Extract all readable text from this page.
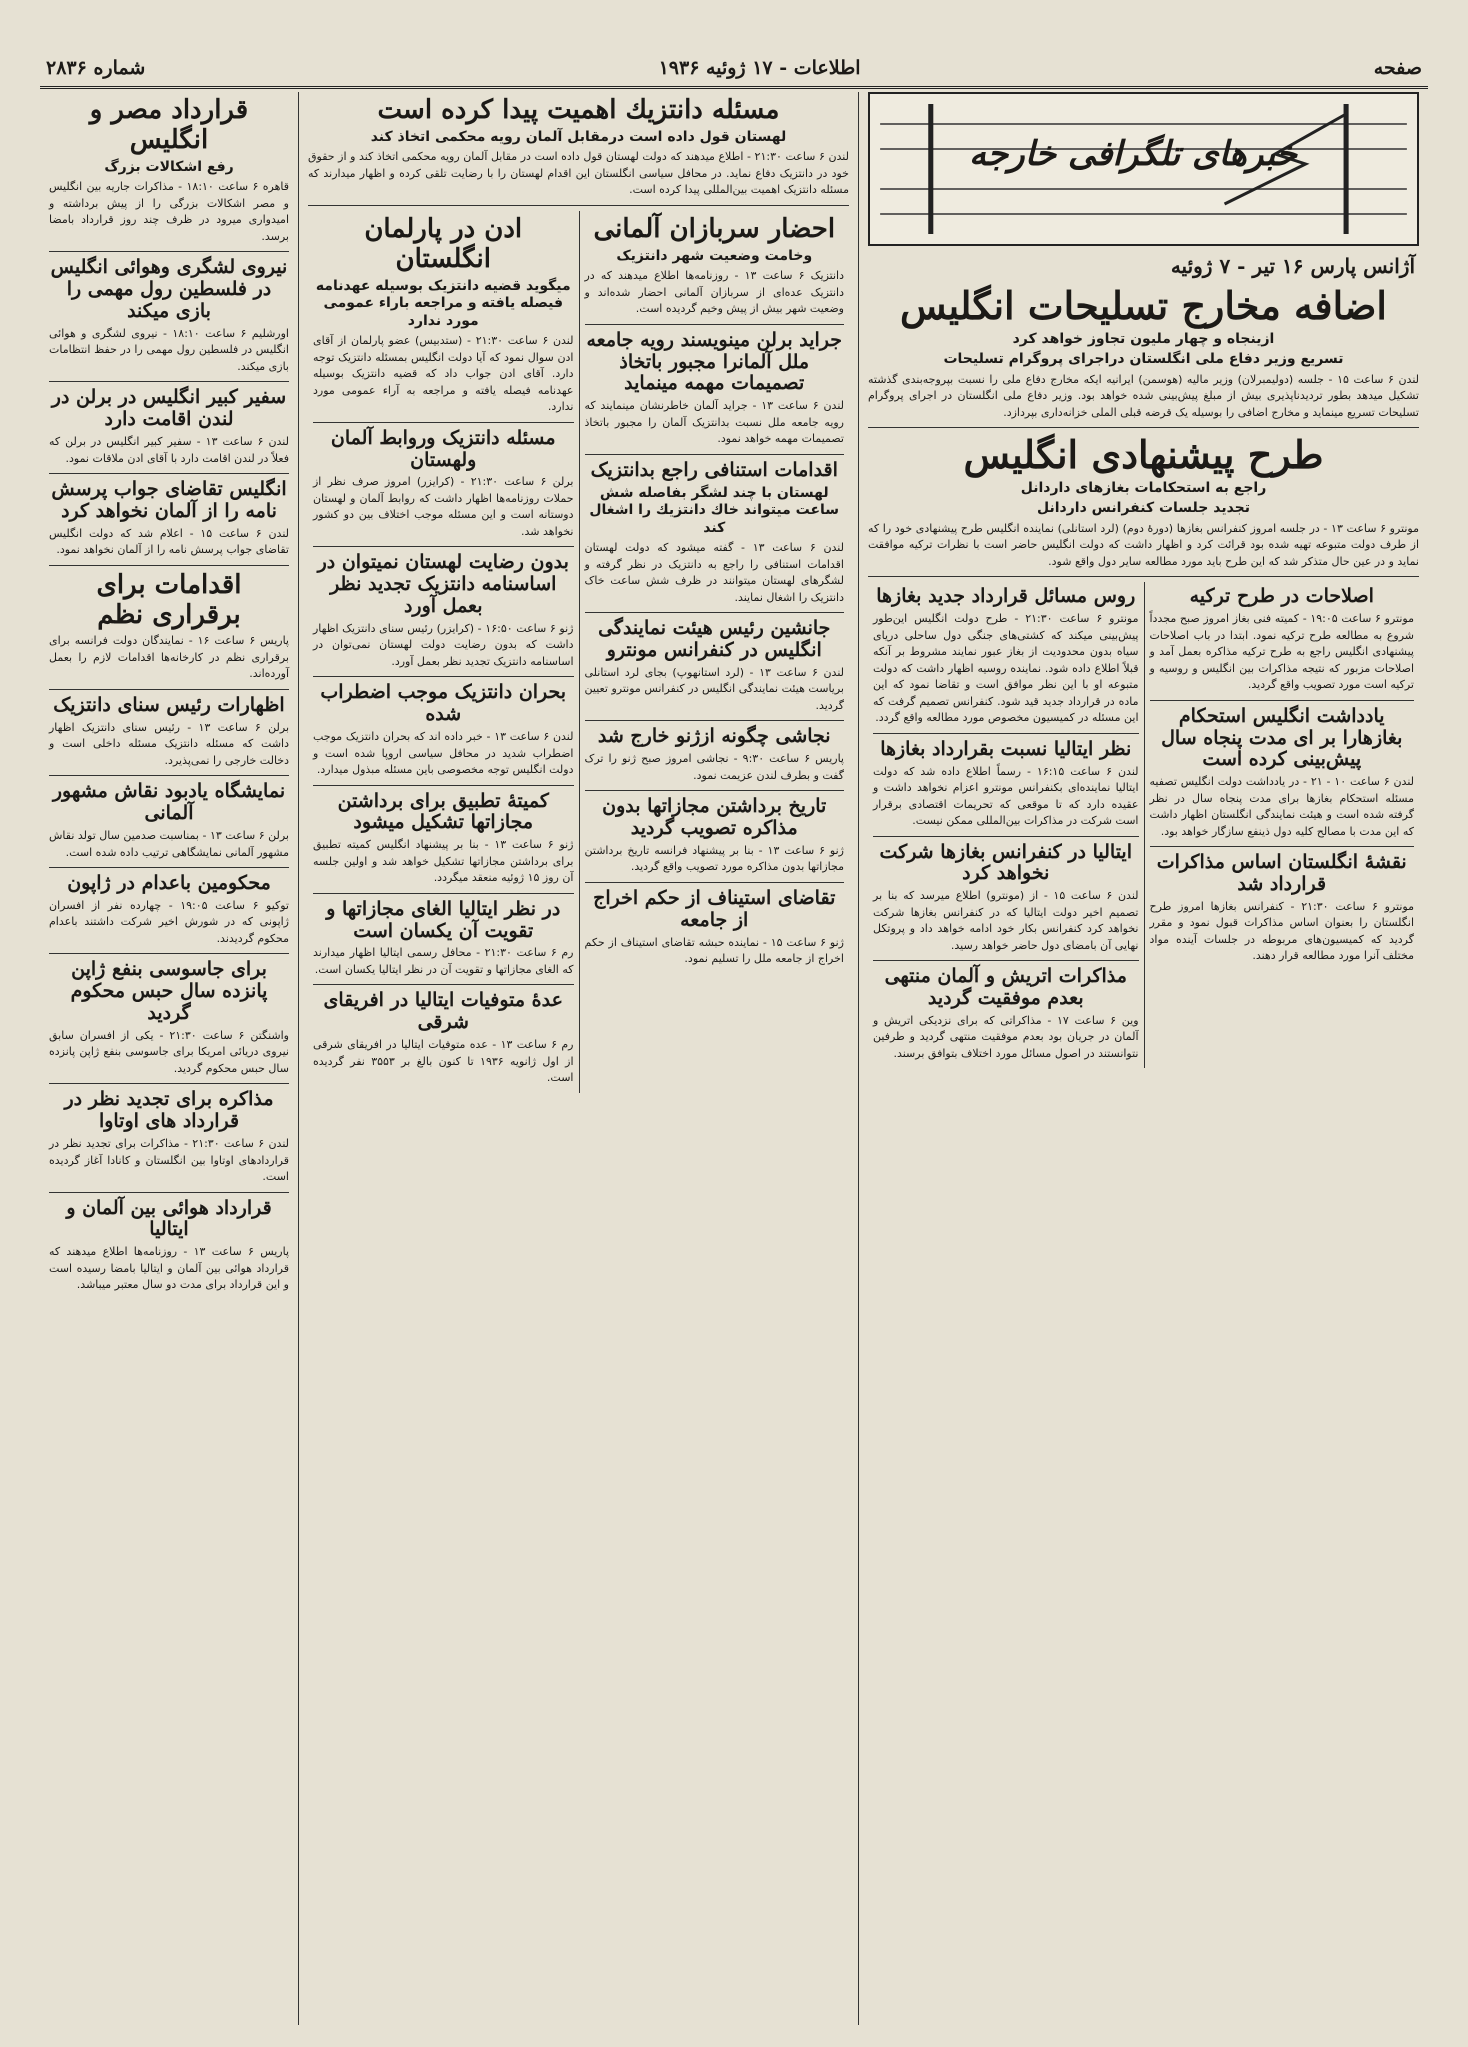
صفحه
اطلاعات - ۱۷ ژوئیه ۱۹۳۶
شماره ۲۸۳۶
خبرهای تلگرافی خارجه
آژانس پارس ۱۶ تیر - ۷ ژوئیه
اضافه مخارج تسلیحات انگلیس
ازینجاه و چهار ملیون تجاوز خواهد کرد
تسریع وزیر دفاع ملی انگلستان دراجرای پروگرام تسلیحات

لندن ۶ ساعت ۱۵ - جلسه (دولیمبرلان) وزیر مالیه (هوسمن) ایرانیه ایکه مخارج دفاع ملی را نسبت بپروجه‌بندی گذشته تشکیل میدهد بطور تردیدناپذیری بیش از مبلغ پیش‌بینی شده خواهد بود. وزیر دفاع ملی انگلستان در اجرای پروگرام تسلیحات تسریع مینماید و مخارج اضافی را بوسیله یک قرضه قبلی الملی خزانه‌داری بپردازد.

طرح پیشنهادی انگلیس
راجع به استحکامات بغازهای داردانل
تجدید جلسات کنفرانس داردانل

مونترو ۶ ساعت ۱۳ - در جلسه امروز کنفرانس بغاز‌ها (دورهٔ دوم) (لرد استانلی) نماینده انگلیس طرح پیشنهادی خود را که از طرف دولت متبوعه تهیه شده بود قرائت کرد و اظهار داشت که دولت انگلیس حاضر است با نظرات ترکیه موافقت نماید و در عین حال متذکر شد که این طرح باید مورد مطالعه سایر دول واقع شود.

اصلاحات در طرح ترکیه

مونترو ۶ ساعت ۱۹:۰۵ - کمیته فنی بغاز امروز صبح مجدداً شروع به مطالعه طرح ترکیه نمود. ابتدا در باب اصلاحات پیشنهادی انگلیس راجع به طرح ترکیه مذاکره بعمل آمد و اصلاحات مزبور که نتیجه مذاکرات بین انگلیس و روسیه و ترکیه است مورد تصویب واقع گردید.

یادداشت انگلیس استحکام بغازهارا بر ای مدت پنجاه سال پیش‌بینی کرده است

لندن ۶ ساعت ۱۰ - ۲۱ - در یادداشت دولت انگلیس تصفیه مسئله استحکام بغاز‌ها برای مدت پنجاه سال در نظر گرفته شده است و هیئت نمایندگی انگلستان اظهار داشت که این مدت با مصالح کلیه دول ذینفع سازگار خواهد بود.

نقشهٔ انگلستان اساس مذاکرات قرارداد شد

مونترو ۶ ساعت ۲۱:۳۰ - کنفرانس بغاز‌ها امروز طرح انگلستان را بعنوان اساس مذاکرات قبول نمود و مقرر گردید که کمیسیون‌های مربوطه در جلسات آینده مواد مختلف آنرا مورد مطالعه قرار دهند.

روس مسائل قرارداد جدید بغازها

مونترو ۶ ساعت ۲۱:۳۰ - طرح دولت انگلیس این‌طور پیش‌بینی میکند که کشتی‌های جنگی دول ساحلی دریای سیاه بدون محدودیت از بغاز عبور نمایند مشروط بر آنکه قبلاً اطلاع داده شود. نماینده روسیه اظهار داشت که دولت متبوعه او با این نظر موافق است و تقاضا نمود که این ماده در قرارداد جدید قید شود. کنفرانس تصمیم گرفت که این مسئله در کمیسیون مخصوص مورد مطالعه واقع گردد.

نظر ایتالیا نسبت بقرارداد بغازها

لندن ۶ ساعت ۱۶:۱۵ - رسماً اطلاع داده شد که دولت ایتالیا نماینده‌ای بکنفرانس مونترو اعزام نخواهد داشت و عقیده دارد که تا موقعی که تحریمات اقتصادی برقرار است شرکت در مذاکرات بین‌المللی ممکن نیست.

ایتالیا در کنفرانس بغازها شرکت نخواهد کرد

لندن ۶ ساعت ۱۵ - از (مونترو) اطلاع میرسد که بنا بر تصمیم اخیر دولت ایتالیا که در کنفرانس بغاز‌ها شرکت نخواهد کرد کنفرانس بکار خود ادامه خواهد داد و پروتکل نهایی آن بامضای دول حاضر خواهد رسید.

مذاکرات اتریش و آلمان منتهی بعدم موفقیت گردید

وین ۶ ساعت ۱۷ - مذاکراتی که برای نزدیکی اتریش و آلمان در جریان بود بعدم موفقیت منتهی گردید و طرفین نتوانستند در اصول مسائل مورد اختلاف بتوافق برسند.

مسئله دانتزیك اهمیت پیدا كرده است
لهستان قول داده است درمقابل آلمان رویه محکمی اتخاذ کند

لندن ۶ ساعت ۲۱:۳۰ - اطلاع میدهند که دولت لهستان قول داده است در مقابل آلمان رویه محکمی اتخاذ کند و از حقوق خود در دانتزیک دفاع نماید. در محافل سیاسی انگلستان این اقدام لهستان را با رضایت تلقی کرده و اظهار میدارند که مسئله دانتزیک اهمیت بین‌المللی پیدا کرده است.

احضار سربازان آلمانی
وخامت وضعیت شهر دانتزیک

دانتزیک ۶ ساعت ۱۳ - روزنامه‌ها اطلاع میدهند که در دانتزیک عده‌ای از سربازان آلمانی احضار شده‌اند و وضعیت شهر بیش از پیش وخیم گردیده است.

جراید برلن مینویسند رویه جامعه ملل آلمانرا مجبور باتخاذ تصمیمات مهمه مینماید

لندن ۶ ساعت ۱۳ - جراید آلمان خاطرنشان مینمایند که رویه جامعه ملل نسبت بدانتزیک آلمان را مجبور باتخاذ تصمیمات مهمه خواهد نمود.

اقدامات استنافی راجع بدانتزیک
لهستان با چند لشگر بفاصله شش ساعت میتواند خاك دانتزیك را اشغال كند

لندن ۶ ساعت ۱۳ - گفته میشود که دولت لهستان اقدامات استنافی را راجع به دانتزیک در نظر گرفته و لشگرهای لهستان میتوانند در ظرف شش ساعت خاک دانتزیک را اشغال نمایند.

جانشین رئیس هیئت نمایندگی انگلیس در کنفرانس مونترو

لندن ۶ ساعت ۱۳ - (لرد استانهوپ) بجای لرد استانلی بریاست هیئت نمایندگی انگلیس در کنفرانس مونترو تعیین گردید.

نجاشی چگونه ازژنو خارج شد

پاریس ۶ ساعت ۹:۳۰ - نجاشی امروز صبح ژنو را ترک گفت و بطرف لندن عزیمت نمود.

تاریخ برداشتن مجازاتها بدون مذاکره تصویب گردید

ژنو ۶ ساعت ۱۳ - بنا بر پیشنهاد فرانسه تاریخ برداشتن مجازاتها بدون مذاکره مورد تصویب واقع گردید.

تقاضای استیناف از حکم اخراج از جامعه

ژنو ۶ ساعت ۱۵ - نماینده حبشه تقاضای استیناف از حکم اخراج از جامعه ملل را تسلیم نمود.

ادن در پارلمان انگلستان
میگوید قضیه دانتزیک بوسیله عهدنامه فیصله یافته و مراجعه باراء عمومی مورد ندارد

لندن ۶ ساعت ۲۱:۳۰ - (ستدبیس) عضو پارلمان از آقای ادن سوال نمود که آیا دولت انگلیس بمسئله دانتزیک توجه دارد. آقای ادن جواب داد که قضیه دانتزیک بوسیله عهدنامه فیصله یافته و مراجعه به آراء عمومی مورد ندارد.

مسئله دانتزیک وروابط آلمان ولهستان

برلن ۶ ساعت ۲۱:۳۰ - (کرایزر) امروز صرف نظر از حملات روزنامه‌ها اظهار داشت که روابط آلمان و لهستان دوستانه است و این مسئله موجب اختلاف بین دو کشور نخواهد شد.

بدون رضایت لهستان نمیتوان در اساسنامه دانتزیک تجدید نظر بعمل آورد

ژنو ۶ ساعت ۱۶:۵۰ - (کرایزر) رئیس سنای دانتزیک اظهار داشت که بدون رضایت دولت لهستان نمی‌توان در اساسنامه دانتزیک تجدید نظر بعمل آورد.

بحران دانتزیک موجب اضطراب شده

لندن ۶ ساعت ۱۳ - خبر داده اند که بحران دانتزیک موجب اضطراب شدید در محافل سیاسی اروپا شده است و دولت انگلیس توجه مخصوصی باین مسئله مبذول میدارد.

کمیتهٔ تطبیق برای برداشتن مجازاتها تشکیل میشود

ژنو ۶ ساعت ۱۳ - بنا بر پیشنهاد انگلیس کمیته تطبیق برای برداشتن مجازاتها تشکیل خواهد شد و اولین جلسه آن روز ۱۵ ژوئیه منعقد میگردد.

در نظر ایتالیا الغای مجازاتها و تقویت آن یکسان است

رم ۶ ساعت ۲۱:۳۰ - محافل رسمی ایتالیا اظهار میدارند که الغای مجازاتها و تقویت آن در نظر ایتالیا یکسان است.

عدهٔ متوفیات ایتالیا در افریقای شرقی

رم ۶ ساعت ۱۳ - عده متوفیات ایتالیا در افریقای شرقی از اول ژانویه ۱۹۳۶ تا کنون بالغ بر ۳۵۵۳ نفر گردیده است.

قرارداد مصر و انگلیس
رفع اشکالات بزرگ

قاهره ۶ ساعت ۱۸:۱۰ - مذاکرات جاریه بین انگلیس و مصر اشکالات بزرگی را از پیش برداشته و امیدواری میرود در ظرف چند روز قرارداد بامضا برسد.

نیروی لشگری وهوائی انگلیس در فلسطین رول مهمی را بازی میکند

اورشلیم ۶ ساعت ۱۸:۱۰ - نیروی لشگری و هوائی انگلیس در فلسطین رول مهمی را در حفظ انتظامات بازی میکند.

سفیر کبیر انگلیس در برلن در لندن اقامت دارد

لندن ۶ ساعت ۱۳ - سفیر کبیر انگلیس در برلن که فعلاً در لندن اقامت دارد با آقای ادن ملاقات نمود.

انگلیس تقاضای جواب پرسش نامه را از آلمان نخواهد کرد

لندن ۶ ساعت ۱۵ - اعلام شد که دولت انگلیس تقاضای جواب پرسش نامه را از آلمان نخواهد نمود.

اقدامات برای برقراری نظم

پاریس ۶ ساعت ۱۶ - نمایندگان دولت فرانسه برای برقراری نظم در کارخانه‌ها اقدامات لازم را بعمل آورده‌اند.

اظهارات رئیس سنای دانتزیک

برلن ۶ ساعت ۱۳ - رئیس سنای دانتزیک اظهار داشت که مسئله دانتزیک مسئله داخلی است و دخالت خارجی را نمی‌پذیرد.

نمایشگاه یادبود نقاش مشهور آلمانی

برلن ۶ ساعت ۱۳ - بمناسبت صدمین سال تولد نقاش مشهور آلمانی نمایشگاهی ترتیب داده شده است.

محکومین باعدام در ژاپون

توکیو ۶ ساعت ۱۹:۰۵ - چهارده نفر از افسران ژاپونی که در شورش اخیر شرکت داشتند باعدام محکوم گردیدند.

برای جاسوسی بنفع ژاپن پانزده سال حبس محکوم گردید

واشنگتن ۶ ساعت ۲۱:۳۰ - یکی از افسران سابق نیروی دریائی امریکا برای جاسوسی بنفع ژاپن پانزده سال حبس محکوم گردید.

مذاکره برای تجدید نظر در قرارداد های اوتاوا

لندن ۶ ساعت ۲۱:۳۰ - مذاکرات برای تجدید نظر در قراردادهای اوتاوا بین انگلستان و کانادا آغاز گردیده است.

قرارداد هوائی بین آلمان و ایتالیا

پاریس ۶ ساعت ۱۳ - روزنامه‌ها اطلاع میدهند که قرارداد هوائی بین آلمان و ایتالیا بامضا رسیده است و این قرارداد برای مدت دو سال معتبر میباشد.
